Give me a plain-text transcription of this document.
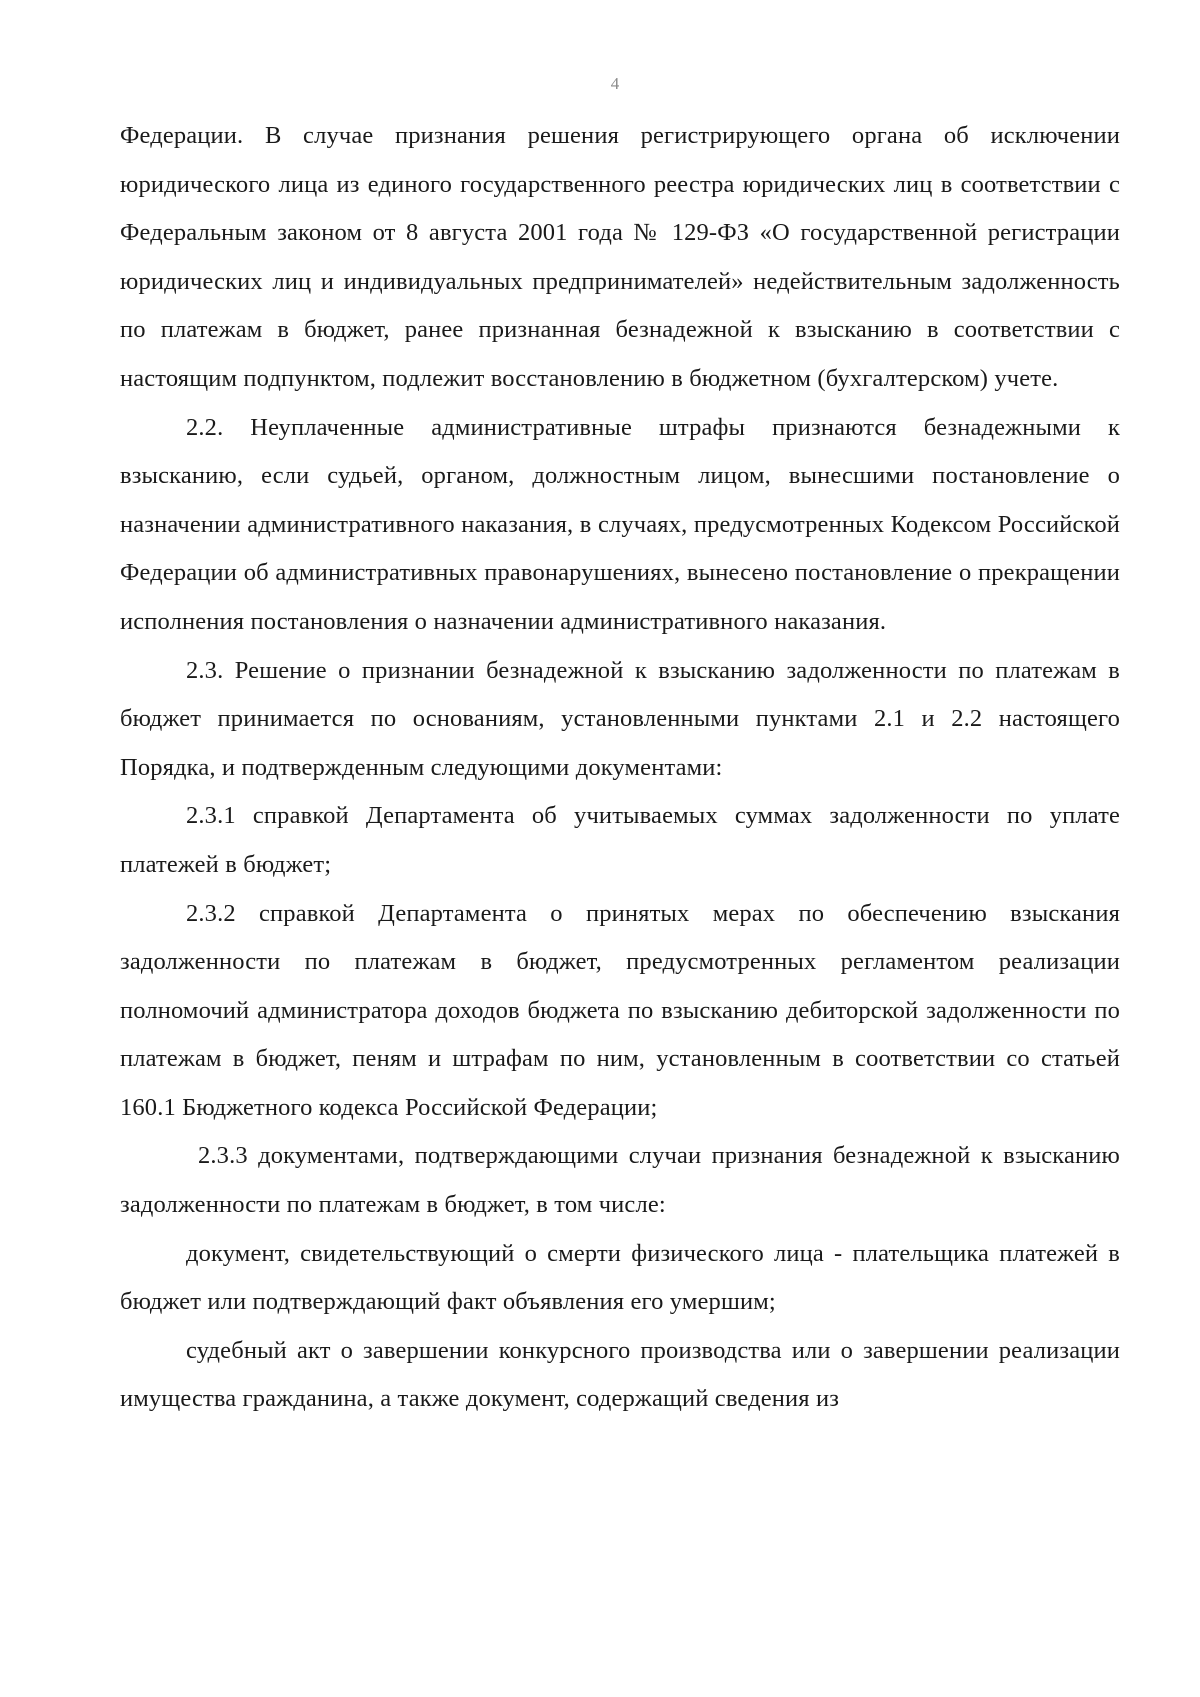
4

Федерации. В случае признания решения регистрирующего органа об исключении юридического лица из единого государственного реестра юридических лиц в соответствии с Федеральным законом от 8 августа 2001 года № 129-ФЗ «О государственной регистрации юридических лиц и индивидуальных предпринимателей» недействительным задолженность по платежам в бюджет, ранее признанная безнадежной к взысканию в соответствии с настоящим подпунктом, подлежит восстановлению в бюджетном (бухгалтерском) учете.

2.2. Неуплаченные административные штрафы признаются безнадежными к взысканию, если судьей, органом, должностным лицом, вынесшими постановление о назначении административного наказания, в случаях, предусмотренных Кодексом Российской Федерации об административных правонарушениях, вынесено постановление о прекращении исполнения постановления о назначении административного наказания.

2.3. Решение о признании безнадежной к взысканию задолженности по платежам в бюджет принимается по основаниям, установленными пунктами 2.1 и 2.2 настоящего Порядка, и подтвержденным следующими документами:

2.3.1 справкой Департамента об учитываемых суммах задолженности по уплате платежей в бюджет;

2.3.2 справкой Департамента о принятых мерах по обеспечению взыскания задолженности по платежам в бюджет, предусмотренных регламентом реализации полномочий администратора доходов бюджета по взысканию дебиторской задолженности по платежам в бюджет, пеням и штрафам по ним, установленным в соответствии со статьей 160.1 Бюджетного кодекса Российской Федерации;

2.3.3 документами, подтверждающими случаи признания безнадежной к взысканию задолженности по платежам в бюджет, в том числе:

документ, свидетельствующий о смерти физического лица - плательщика платежей в бюджет или подтверждающий факт объявления его умершим;

судебный акт о завершении конкурсного производства или о завершении реализации имущества гражданина, а также документ, содержащий сведения из
